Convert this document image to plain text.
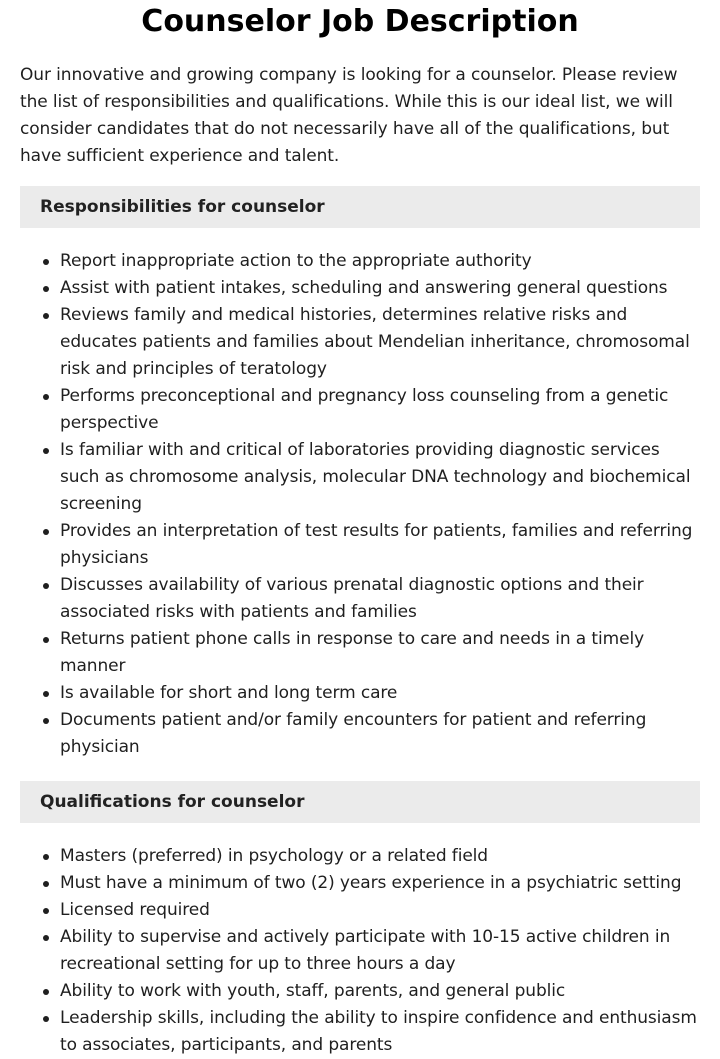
Counselor Job Description

Our innovative and growing company is looking for a counselor. Please review the list of responsibilities and qualifications. While this is our ideal list, we will consider candidates that do not necessarily have all of the qualifications, but have sufficient experience and talent.

Responsibilities for counselor
Report inappropriate action to the appropriate authority
Assist with patient intakes, scheduling and answering general questions
Reviews family and medical histories, determines relative risks and educates patients and families about Mendelian inheritance, chromosomal risk and principles of teratology
Performs preconceptional and pregnancy loss counseling from a genetic perspective
Is familiar with and critical of laboratories providing diagnostic services such as chromosome analysis, molecular DNA technology and biochemical screening
Provides an interpretation of test results for patients, families and referring physicians
Discusses availability of various prenatal diagnostic options and their associated risks with patients and families
Returns patient phone calls in response to care and needs in a timely manner
Is available for short and long term care
Documents patient and/or family encounters for patient and referring physician
Qualifications for counselor
Masters (preferred) in psychology or a related field
Must have a minimum of two (2) years experience in a psychiatric setting
Licensed required
Ability to supervise and actively participate with 10-15 active children in recreational setting for up to three hours a day
Ability to work with youth, staff, parents, and general public
Leadership skills, including the ability to inspire confidence and enthusiasm to associates, participants, and parents
